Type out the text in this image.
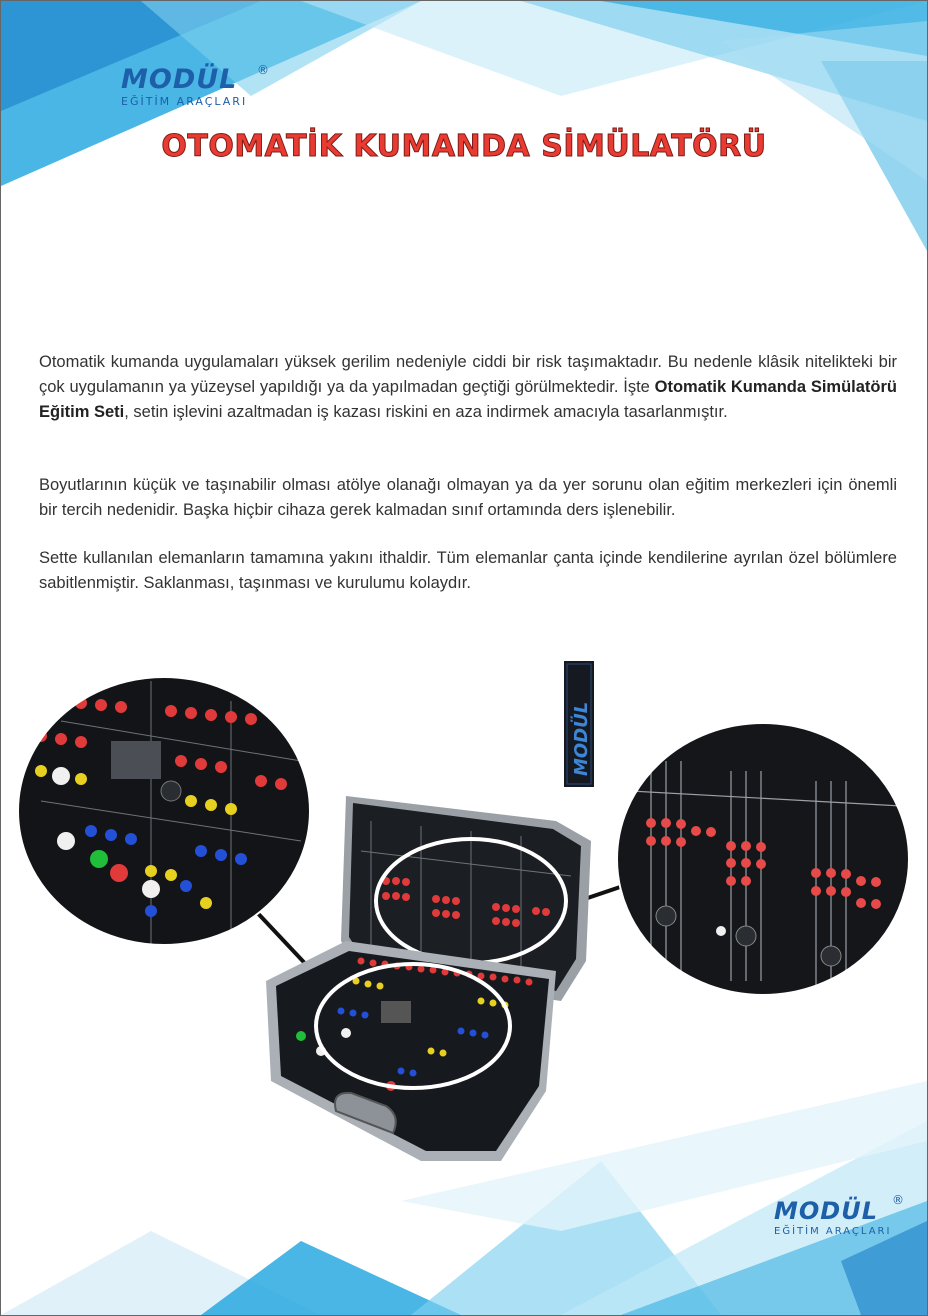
MODÜL
EĞİTİM ARAÇLARI
®
OTOMATİK KUMANDA SİMÜLATÖRÜ

Otomatik kumanda uygulamaları yüksek gerilim nedeniyle ciddi bir risk taşımaktadır. Bu nedenle klâsik nitelikteki bir çok uygulamanın ya yüzeysel yapıldığı ya da yapılmadan geçtiği görülmektedir. İşte Otomatik Kumanda Simülatörü Eğitim Seti, setin işlevini azaltmadan iş kazası riskini en aza indirmek amacıyla tasarlanmıştır.

Boyutlarının küçük ve taşınabilir olması atölye olanağı olmayan ya da yer sorunu olan eğitim merkezleri için önemli bir tercih nedenidir. Başka hiçbir cihaza gerek kalmadan sınıf ortamında ders işlenebilir.

Sette kullanılan elemanların tamamına yakını ithaldir. Tüm elemanlar çanta içinde kendilerine ayrılan özel bölümlere sabitlenmiştir. Saklanması, taşınması ve kurulumu kolaydır.

MODÜL
MODÜL
EĞİTİM ARAÇLARI
®
